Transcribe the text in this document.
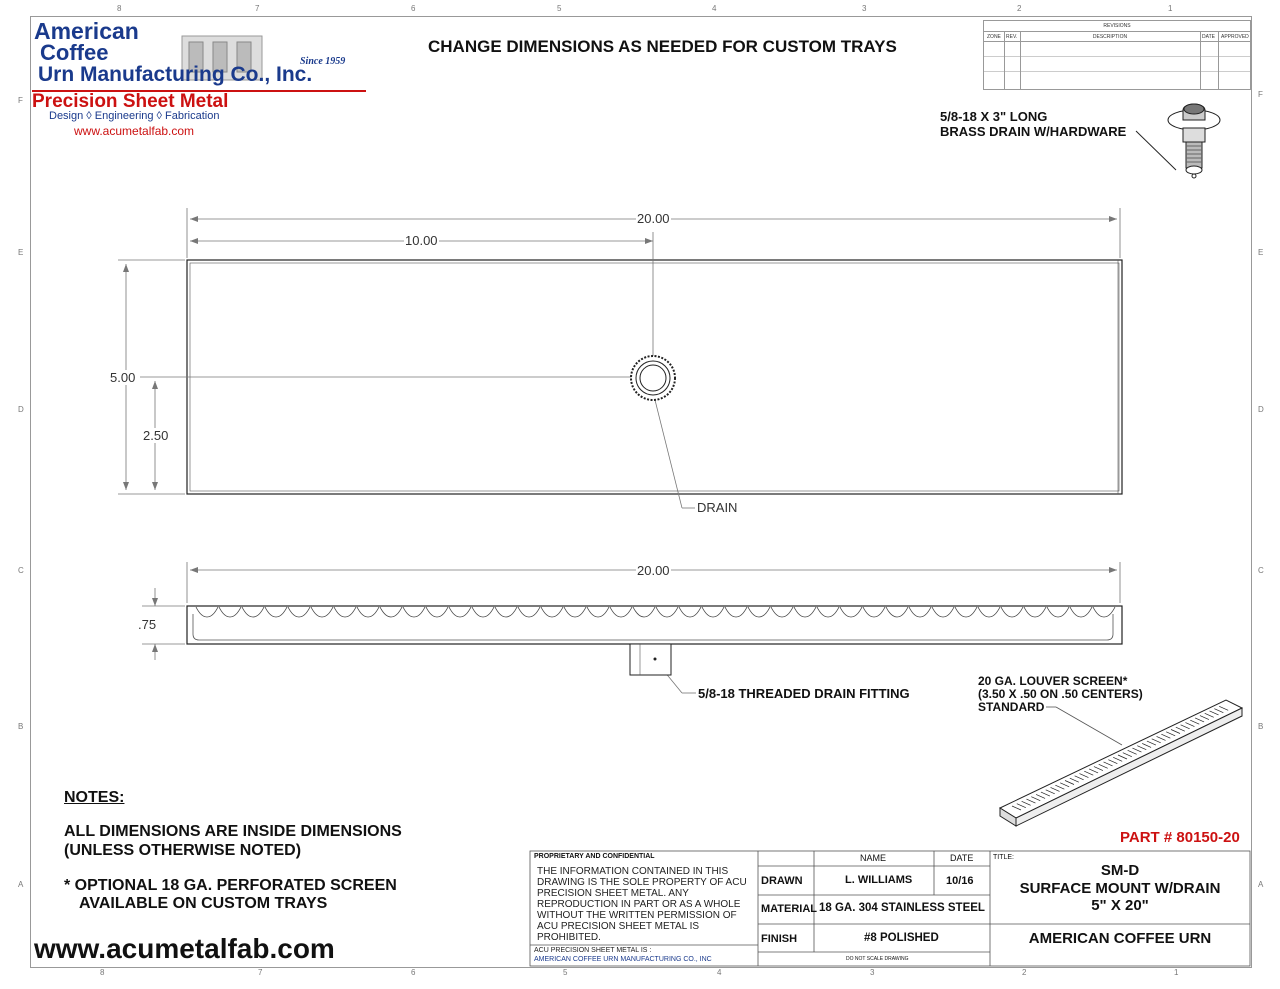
8	7	6	5	4	3	2	1
8	7	6	5	4	3	2	1
F
E
D
C
B
A
F
E
D
C
B
A
American
Coffee
Urn Manufacturing Co., Inc.
Since 1959
Precision Sheet Metal
Design ◊ Engineering ◊ Fabrication
www.acumetalfab.com
CHANGE DIMENSIONS AS NEEDED FOR CUSTOM TRAYS
REVISIONS
ZONE REV.	DESCRIPTION	DATE APPROVED
5/8-18 X 3" LONG
BRASS DRAIN W/HARDWARE
20.00
10.00
5.00
2.50
DRAIN
20.00
.75
5/8-18 THREADED DRAIN FITTING
20 GA. LOUVER SCREEN*
(3.50 X .50 ON .50 CENTERS)
STANDARD
NOTES:
ALL DIMENSIONS ARE INSIDE DIMENSIONS
(UNLESS OTHERWISE NOTED)
* OPTIONAL 18 GA. PERFORATED SCREEN
AVAILABLE ON CUSTOM TRAYS
www.acumetalfab.com
PART # 80150-20
PROPRIETARY AND CONFIDENTIAL
THE INFORMATION CONTAINED IN THIS DRAWING IS THE SOLE PROPERTY OF ACU PRECISION SHEET METAL. ANY REPRODUCTION IN PART OR AS A WHOLE WITHOUT THE WRITTEN PERMISSION OF ACU PRECISION SHEET METAL IS PROHIBITED.
ACU PRECISION SHEET METAL IS :
AMERICAN COFFEE URN MANUFACTURING CO., INC
NAME	DATE
DRAWN	L. WILLIAMS	10/16
MATERIAL 18 GA. 304 STAINLESS STEEL
FINISH	#8 POLISHED
DO NOT SCALE DRAWING
TITLE:
SM-D
SURFACE MOUNT W/DRAIN
5" X 20"
AMERICAN COFFEE URN
